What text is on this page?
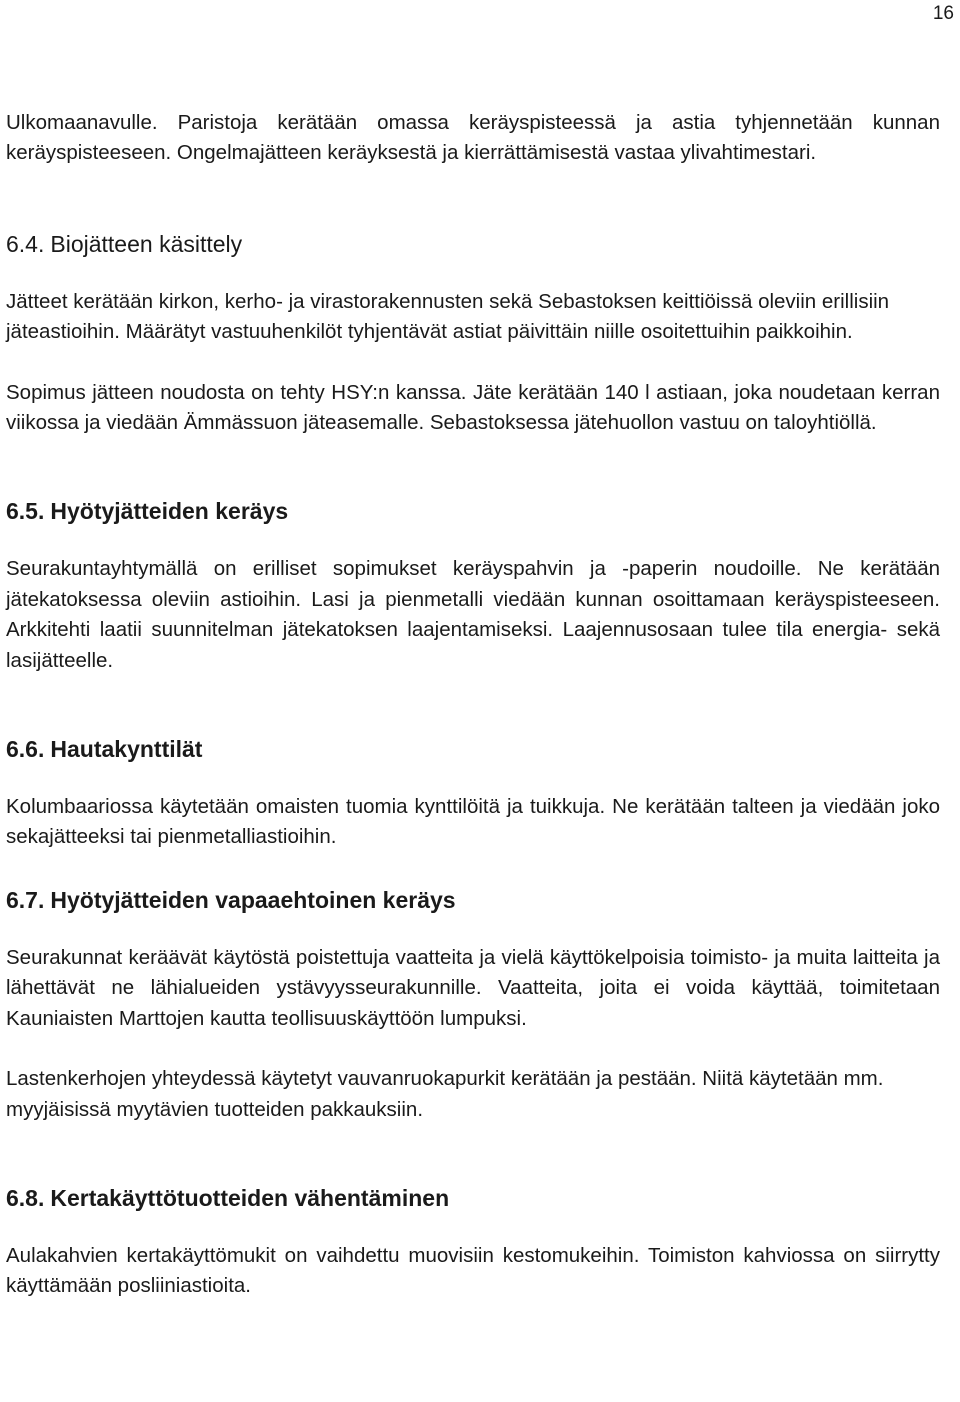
16

Ulkomaanavulle. Paristoja kerätään omassa keräyspisteessä ja astia tyhjennetään kunnan keräyspisteeseen. Ongelmajätteen keräyksestä ja kierrättämisestä vastaa ylivahtimestari.

6.4. Biojätteen käsittely

Jätteet kerätään kirkon, kerho- ja virastorakennusten sekä Sebastoksen keittiöissä oleviin erillisiin jäteastioihin. Määrätyt vastuuhenkilöt tyhjentävät astiat päivittäin niille osoitettuihin paikkoihin.

Sopimus jätteen noudosta on tehty HSY:n kanssa. Jäte kerätään 140 l astiaan, joka noudetaan kerran viikossa ja viedään Ämmässuon jäteasemalle. Sebastoksessa jätehuollon vastuu on taloyhtiöllä.

6.5. Hyötyjätteiden keräys

Seurakuntayhtymällä on erilliset sopimukset keräyspahvin ja -paperin noudoille. Ne kerätään jätekatoksessa oleviin astioihin. Lasi ja pienmetalli viedään kunnan osoittamaan keräyspisteeseen. Arkkitehti laatii suunnitelman jätekatoksen laajentamiseksi. Laajennusosaan tulee tila energia- sekä lasijätteelle.

6.6. Hautakynttilät

Kolumbaariossa käytetään omaisten tuomia kynttilöitä ja tuikkuja. Ne kerätään talteen ja viedään joko sekajätteeksi tai pienmetalliastioihin.

6.7. Hyötyjätteiden vapaaehtoinen keräys

Seurakunnat keräävät käytöstä poistettuja vaatteita ja vielä käyttökelpoisia toimisto- ja muita laitteita ja lähettävät ne lähialueiden ystävyysseurakunnille. Vaatteita, joita ei voida käyttää, toimitetaan Kauniaisten Marttojen kautta teollisuuskäyttöön lumpuksi.

Lastenkerhojen yhteydessä käytetyt vauvanruokapurkit kerätään ja pestään. Niitä käytetään mm. myyjäisissä myytävien tuotteiden pakkauksiin.

6.8. Kertakäyttötuotteiden vähentäminen

Aulakahvien kertakäyttömukit on vaihdettu muovisiin kestomukeihin. Toimiston kahviossa on siirrytty käyttämään posliiniastioita.
